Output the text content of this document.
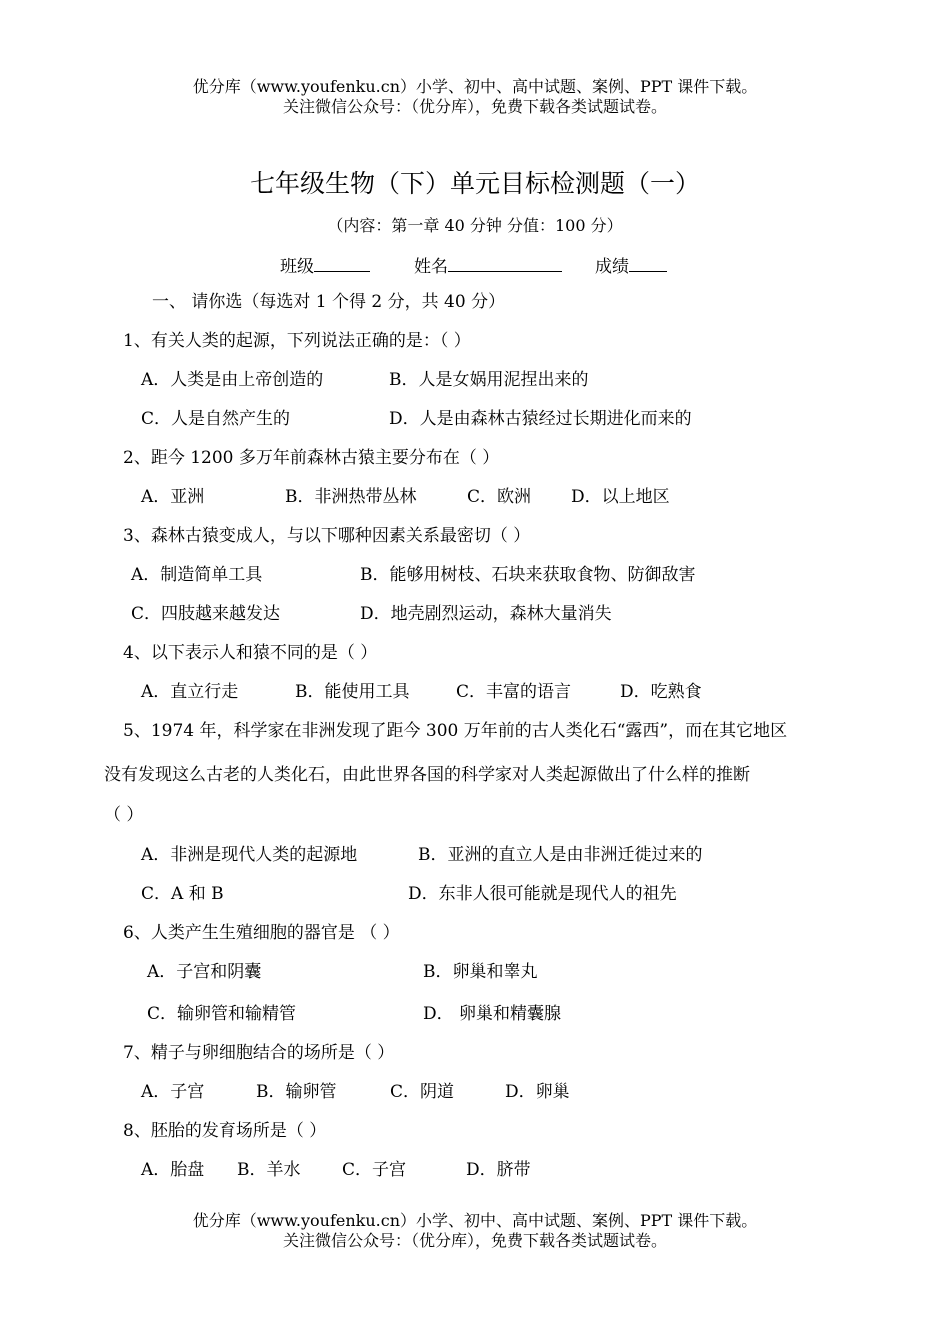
优分库（www.youfenku.cn）小学、初中、高中试题、案例、PPT 课件下载。
关注微信公众号：（优分库），免费下载各类试题试卷。
七年级生物（下）单元目标检测题（一）
（内容：第一章 40 分钟 分值：100 分）
班级	姓名	成绩
一、 请你选（每选对 1 个得 2 分，共 40 分）
1、有关人类的起源，下列说法正确的是：（ ）
A．人类是由上帝创造的	B．人是女娲用泥捏出来的
C．人是自然产生的	D．人是由森林古猿经过长期进化而来的
2、距今 1200 多万年前森林古猿主要分布在（ ）
A．亚洲	B．非洲热带丛林	C．欧洲 D．以上地区
3、森林古猿变成人，与以下哪种因素关系最密切（ ）
A．制造简单工具	B．能够用树枝、石块来获取食物、防御敌害
C．四肢越来越发达	D．地壳剧烈运动，森林大量消失
4、以下表示人和猿不同的是（ ）
A．直立行走	B．能使用工具	C．丰富的语言	D．吃熟食
5、1974 年，科学家在非洲发现了距今 300 万年前的古人类化石“露西”，而在其它地区
没有发现这么古老的人类化石，由此世界各国的科学家对人类起源做出了什么样的推断
（ ）
A．非洲是现代人类的起源地	B．亚洲的直立人是由非洲迁徙过来的
C．A 和 B	D．东非人很可能就是现代人的祖先
6、人类产生生殖细胞的器官是 （ ）
A．子宫和阴囊	B．卵巢和睾丸
C．输卵管和输精管	D． 卵巢和精囊腺
7、精子与卵细胞结合的场所是（ ）
A．子宫	B．输卵管	C．阴道	D．卵巢
8、胚胎的发育场所是（ ）
A．胎盘 B．羊水 C．子宫	D．脐带
优分库（www.youfenku.cn）小学、初中、高中试题、案例、PPT 课件下载。
关注微信公众号：（优分库），免费下载各类试题试卷。
